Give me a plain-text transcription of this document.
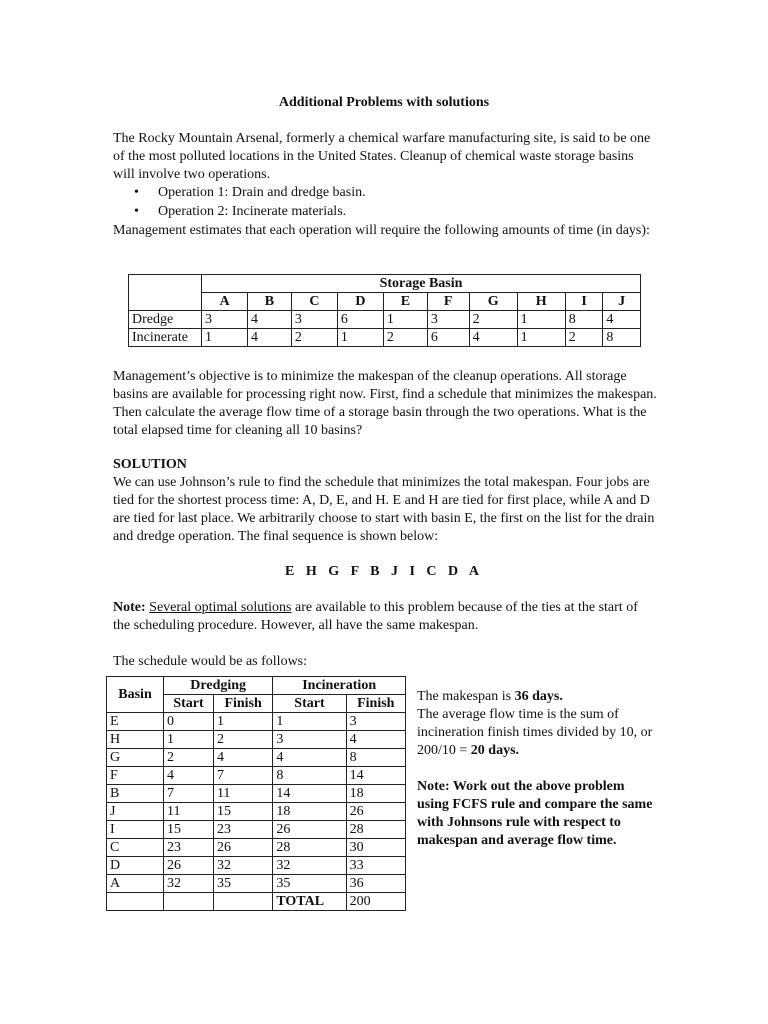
Additional Problems with solutions

The Rocky Mountain Arsenal, formerly a chemical warfare manufacturing site, is said to be one of the most polluted locations in the United States. Cleanup of chemical waste storage basins will involve two operations.

• Operation 1: Drain and dredge basin.
• Operation 2: Incinerate materials.

Management estimates that each operation will require the following amounts of time (in days):

	Storage Basin									
	A	B	C	D	E	F	G	H	I	J
Dredge	3	4	3	6	1	3	2	1	8	4
Incinerate	1	4	2	1	2	6	4	1	2	8

Management’s objective is to minimize the makespan of the cleanup operations. All storage basins are available for processing right now. First, find a schedule that minimizes the makespan. Then calculate the average flow time of a storage basin through the two operations. What is the total elapsed time for cleaning all 10 basins?

SOLUTION

We can use Johnson’s rule to find the schedule that minimizes the total makespan. Four jobs are tied for the shortest process time: A, D, E, and H. E and H are tied for first place, while A and D are tied for last place. We arbitrarily choose to start with basin E, the first on the list for the drain and dredge operation. The final sequence is shown below:

E H G F B J I C D A

Note: Several optimal solutions are available to this problem because of the ties at the start of the scheduling procedure. However, all have the same makespan.

The schedule would be as follows:

Basin	Dredging		Incineration	
	Start	Finish	Start	Finish
E	0	1	1	3
H	1	2	3	4
G	2	4	4	8
F	4	7	8	14
B	7	11	14	18
J	11	15	18	26
I	15	23	26	28
C	23	26	28	30
D	26	32	32	33
A	32	35	35	36
			TOTAL	200

The makespan is 36 days.

The average flow time is the sum of incineration finish times divided by 10, or 200/10 = 20 days.

Note: Work out the above problem using FCFS rule and compare the same with Johnsons rule with respect to makespan and average flow time.
